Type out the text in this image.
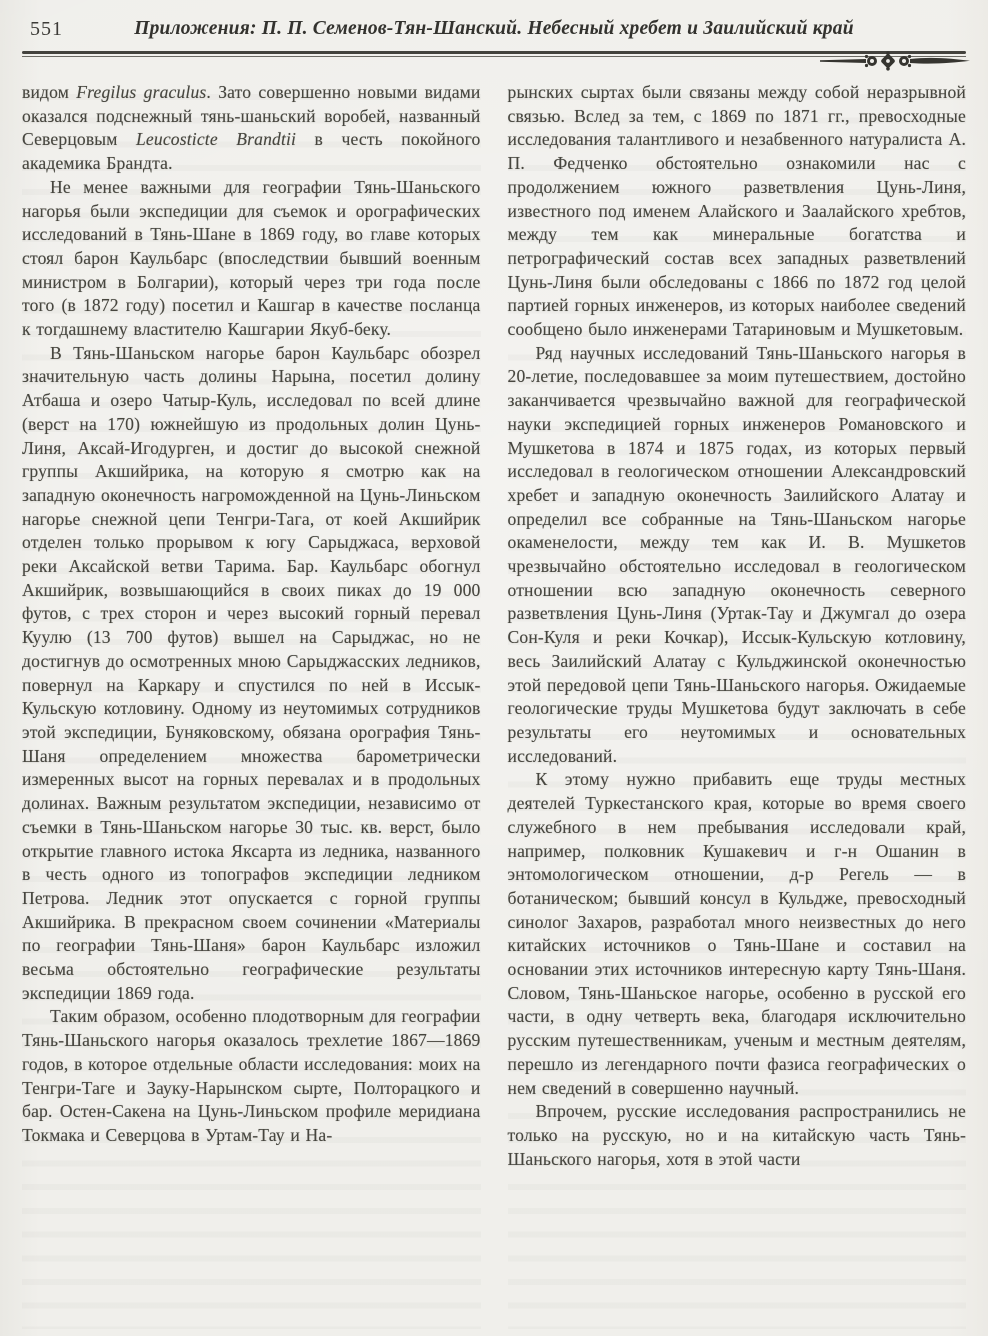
551	Приложения: П. П. Семенов-Тян-Шанский. Небесный хребет и Заилийский край

видом Fregilus graculus. Зато совершенно новыми видами оказался подснежный тянь-шаньский воробей, названный Северцовым Leucosticte Brandtii в честь покойного академика Брандта.

Не менее важными для географии Тянь-Шаньского нагорья были экспедиции для съемок и орографических исследований в Тянь-Шане в 1869 году, во главе которых стоял барон Каульбарс (впоследствии бывший военным министром в Болгарии), который через три года после того (в 1872 году) посетил и Кашгар в качестве посланца к тогдашнему властителю Кашгарии Якуб-беку.

В Тянь-Шаньском нагорье барон Каульбарс обозрел значительную часть долины Нарына, посетил долину Атбаша и озеро Чатыр-Куль, исследовал по всей длине (верст на 170) южнейшую из продольных долин Цунь-Линя, Аксай-Игодурген, и достиг до высокой снежной группы Акшийрика, на которую я смотрю как на западную оконечность нагроможденной на Цунь-Линьском нагорье снежной цепи Тенгри-Тага, от коей Акшийрик отделен только прорывом к югу Сарыджаса, верховой реки Аксайской ветви Тарима. Бар. Каульбарс обогнул Акшийрик, возвышающийся в своих пиках до 19 000 футов, с трех сторон и через высокий горный перевал Куулю (13 700 футов) вышел на Сарыджас, но не достигнув до осмотренных мною Сарыджасских ледников, повернул на Каркару и спустился по ней в Иссык-Кульскую котловину. Одному из неутомимых сотрудников этой экспедиции, Буняковскому, обязана орография Тянь-Шаня определением множества барометрически измеренных высот на горных перевалах и в продольных долинах. Важным результатом экспедиции, независимо от съемки в Тянь-Шаньском нагорье 30 тыс. кв. верст, было открытие главного истока Яксарта из ледника, названного в честь одного из топографов экспедиции ледником Петрова. Ледник этот опускается с горной группы Акшийрика. В прекрасном своем сочинении «Материалы по географии Тянь-Шаня» барон Каульбарс изложил весьма обстоятельно географические результаты экспедиции 1869 года.

Таким образом, особенно плодотворным для географии Тянь-Шаньского нагорья оказалось трехлетие 1867—1869 годов, в которое отдельные области исследования: моих на Тенгри-Таге и Зауку-Нарынском сырте, Полторацкого и бар. Остен-Сакена на Цунь-Линьском профиле меридиана Токмака и Северцова в Уртам-Тау и На-

рынских сыртах были связаны между собой неразрывной связью. Вслед за тем, с 1869 по 1871 гг., превосходные исследования талантливого и незабвенного натуралиста А. П. Федченко обстоятельно ознакомили нас с продолжением южного разветвления Цунь-Линя, известного под именем Алайского и Заалайского хребтов, между тем как минеральные богатства и петрографический состав всех западных разветвлений Цунь-Линя были обследованы с 1866 по 1872 год целой партией горных инженеров, из которых наиболее сведений сообщено было инженерами Татариновым и Мушкетовым.

Ряд научных исследований Тянь-Шаньского нагорья в 20-летие, последовавшее за моим путешествием, достойно заканчивается чрезвычайно важной для географической науки экспедицией горных инженеров Романовского и Мушкетова в 1874 и 1875 годах, из которых первый исследовал в геологическом отношении Александровский хребет и западную оконечность Заилийского Алатау и определил все собранные на Тянь-Шаньском нагорье окаменелости, между тем как И. В. Мушкетов чрезвычайно обстоятельно исследовал в геологическом отношении всю западную оконечность северного разветвления Цунь-Линя (Уртак-Тау и Джумгал до озера Сон-Куля и реки Кочкар), Иссык-Кульскую котловину, весь Заилийский Алатау с Кульджинской оконечностью этой передовой цепи Тянь-Шаньского нагорья. Ожидаемые геологические труды Мушкетова будут заключать в себе результаты его неутомимых и основательных исследований.

К этому нужно прибавить еще труды местных деятелей Туркестанского края, которые во время своего служебного в нем пребывания исследовали край, например, полковник Кушакевич и г-н Ошанин в энтомологическом отношении, д-р Регель — в ботаническом; бывший консул в Кульдже, превосходный синолог Захаров, разработал много неизвестных до него китайских источников о Тянь-Шане и составил на основании этих источников интересную карту Тянь-Шаня. Словом, Тянь-Шаньское нагорье, особенно в русской его части, в одну четверть века, благодаря исключительно русским путешественникам, ученым и местным деятелям, перешло из легендарного почти фазиса географических о нем сведений в совершенно научный.

Впрочем, русские исследования распространились не только на русскую, но и на китайскую часть Тянь-Шаньского нагорья, хотя в этой части
